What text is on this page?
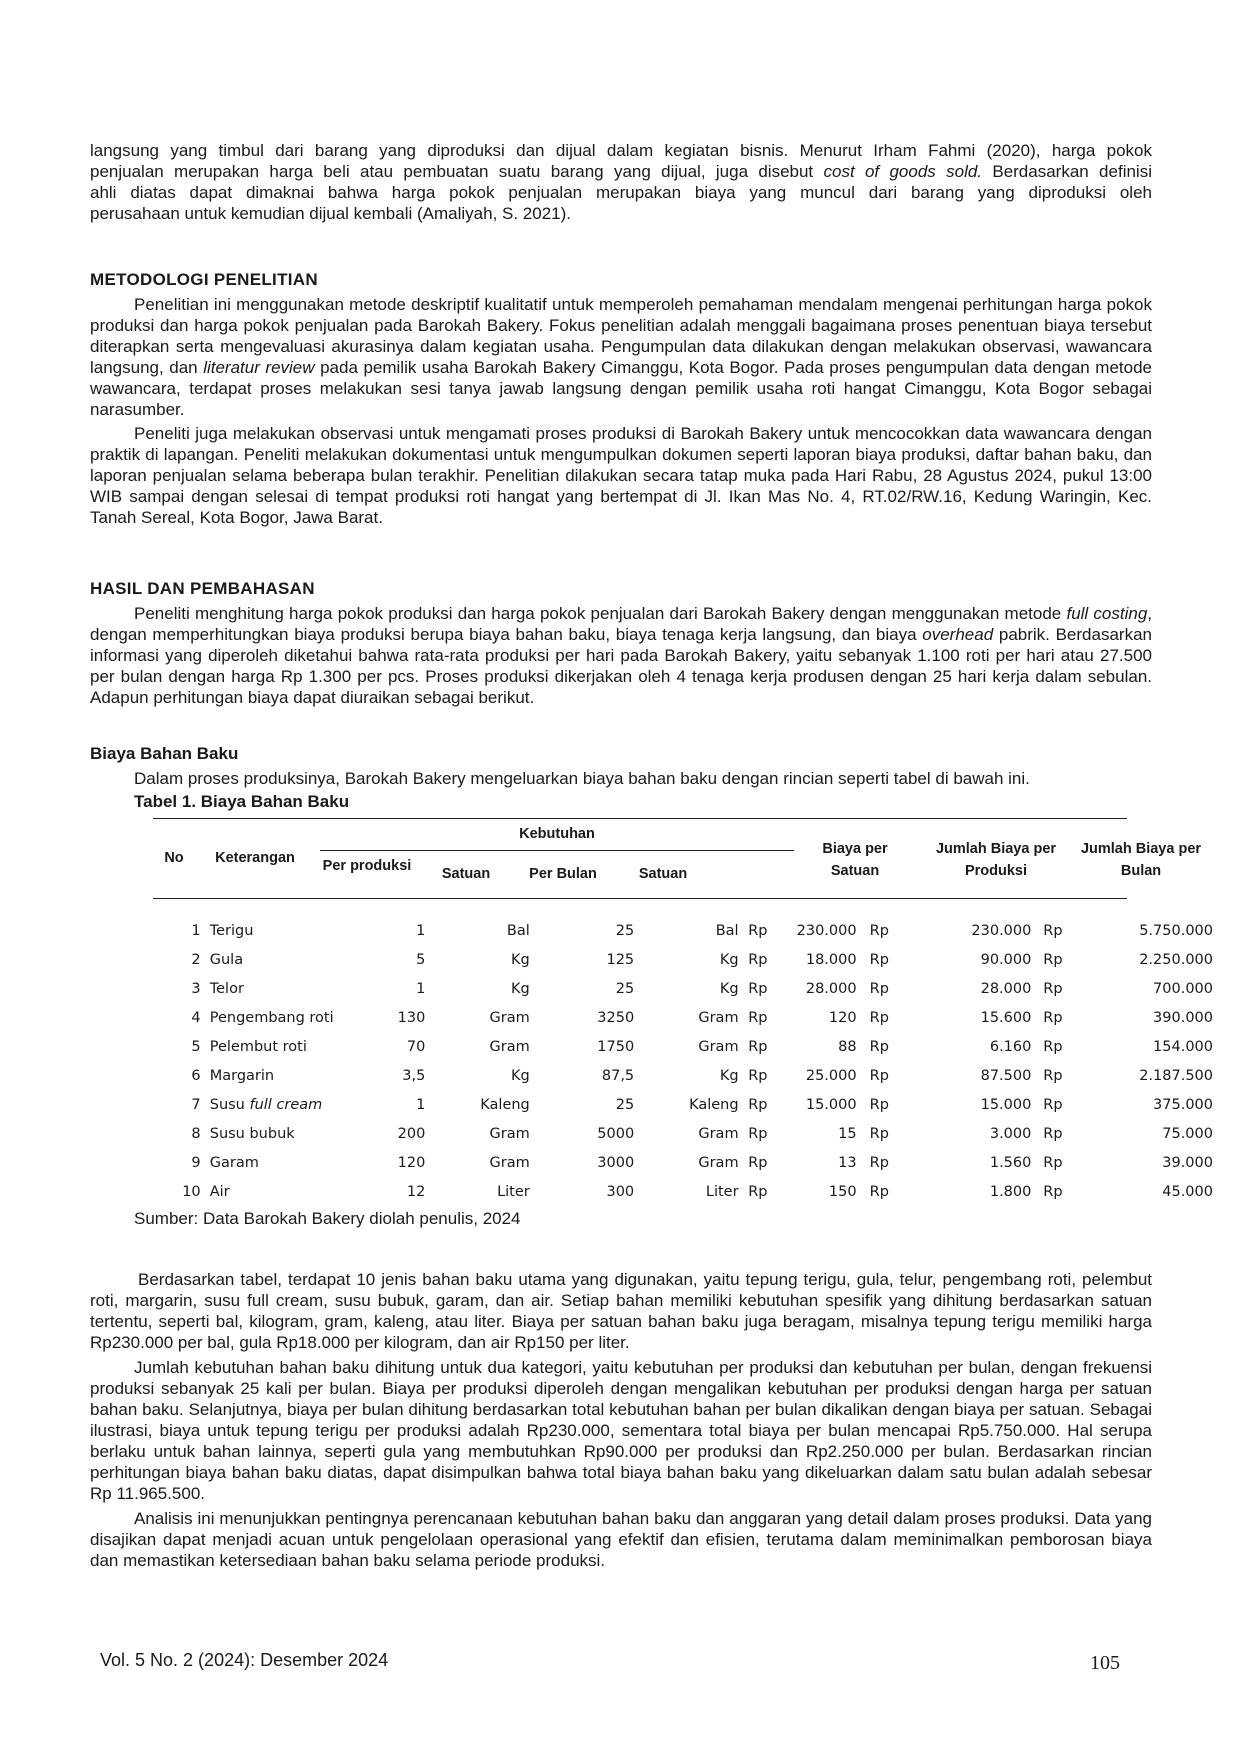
langsung yang timbul dari barang yang diproduksi dan dijual dalam kegiatan bisnis. Menurut Irham Fahmi (2020), harga pokok

penjualan merupakan harga beli atau pembuatan suatu barang yang dijual, juga disebut cost of goods sold. Berdasarkan definisi

ahli diatas dapat dimaknai bahwa harga pokok penjualan merupakan biaya yang muncul dari barang yang diproduksi oleh

perusahaan untuk kemudian dijual kembali (Amaliyah, S. 2021).

METODOLOGI PENELITIAN

Penelitian ini menggunakan metode deskriptif kualitatif untuk memperoleh pemahaman mendalam mengenai perhitungan harga pokok produksi dan harga pokok penjualan pada Barokah Bakery. Fokus penelitian adalah menggali bagaimana proses penentuan biaya tersebut diterapkan serta mengevaluasi akurasinya dalam kegiatan usaha. Pengumpulan data dilakukan dengan melakukan observasi, wawancara langsung, dan literatur review pada pemilik usaha Barokah Bakery Cimanggu, Kota Bogor. Pada proses pengumpulan data dengan metode wawancara, terdapat proses melakukan sesi tanya jawab langsung dengan pemilik usaha roti hangat Cimanggu, Kota Bogor sebagai narasumber.

Peneliti juga melakukan observasi untuk mengamati proses produksi di Barokah Bakery untuk mencocokkan data wawancara dengan praktik di lapangan. Peneliti melakukan dokumentasi untuk mengumpulkan dokumen seperti laporan biaya produksi, daftar bahan baku, dan laporan penjualan selama beberapa bulan terakhir. Penelitian dilakukan secara tatap muka pada Hari Rabu, 28 Agustus 2024, pukul 13:00 WIB sampai dengan selesai di tempat produksi roti hangat yang bertempat di Jl. Ikan Mas No. 4, RT.02/RW.16, Kedung Waringin, Kec. Tanah Sereal, Kota Bogor, Jawa Barat.

HASIL DAN PEMBAHASAN

Peneliti menghitung harga pokok produksi dan harga pokok penjualan dari Barokah Bakery dengan menggunakan metode full costing, dengan memperhitungkan biaya produksi berupa biaya bahan baku, biaya tenaga kerja langsung, dan biaya overhead pabrik. Berdasarkan informasi yang diperoleh diketahui bahwa rata-rata produksi per hari pada Barokah Bakery, yaitu sebanyak 1.100 roti per hari atau 27.500 per bulan dengan harga Rp 1.300 per pcs. Proses produksi dikerjakan oleh 4 tenaga kerja produsen dengan 25 hari kerja dalam sebulan. Adapun perhitungan biaya dapat diuraikan sebagai berikut.

Biaya Bahan Baku

Dalam proses produksinya, Barokah Bakery mengeluarkan biaya bahan baku dengan rincian seperti tabel di bawah ini.

Tabel 1. Biaya Bahan Baku
Kebutuhan
No	Keterangan	Per produksi	Satuan	Per Bulan	Satuan
Biaya per Satuan
Jumlah Biaya per Produksi
Jumlah Biaya per Bulan
1		Terigu	1	Bal	25	Bal	Rp	230.000	Rp	230.000	Rp	5.750.000
2		Gula	5	Kg	125	Kg	Rp	18.000	Rp	90.000	Rp	2.250.000
3		Telor	1	Kg	25	Kg	Rp	28.000	Rp	28.000	Rp	700.000
4		Pengembang roti	130	Gram	3250	Gram	Rp	120	Rp	15.600	Rp	390.000
5		Pelembut roti	70	Gram	1750	Gram	Rp	88	Rp	6.160	Rp	154.000
6		Margarin	3,5	Kg	87,5	Kg	Rp	25.000	Rp	87.500	Rp	2.187.500
7		Susu full cream	1	Kaleng	25	Kaleng	Rp	15.000	Rp	15.000	Rp	375.000
8		Susu bubuk	200	Gram	5000	Gram	Rp	15	Rp	3.000	Rp	75.000
9		Garam	120	Gram	3000	Gram	Rp	13	Rp	1.560	Rp	39.000
10		Air	12	Liter	300	Liter	Rp	150	Rp	1.800	Rp	45.000

Sumber: Data Barokah Bakery diolah penulis, 2024

Berdasarkan tabel, terdapat 10 jenis bahan baku utama yang digunakan, yaitu tepung terigu, gula, telur, pengembang roti, pelembut roti, margarin, susu full cream, susu bubuk, garam, dan air. Setiap bahan memiliki kebutuhan spesifik yang dihitung berdasarkan satuan tertentu, seperti bal, kilogram, gram, kaleng, atau liter. Biaya per satuan bahan baku juga beragam, misalnya tepung terigu memiliki harga Rp230.000 per bal, gula Rp18.000 per kilogram, dan air Rp150 per liter.

Jumlah kebutuhan bahan baku dihitung untuk dua kategori, yaitu kebutuhan per produksi dan kebutuhan per bulan, dengan frekuensi produksi sebanyak 25 kali per bulan. Biaya per produksi diperoleh dengan mengalikan kebutuhan per produksi dengan harga per satuan bahan baku. Selanjutnya, biaya per bulan dihitung berdasarkan total kebutuhan bahan per bulan dikalikan dengan biaya per satuan. Sebagai ilustrasi, biaya untuk tepung terigu per produksi adalah Rp230.000, sementara total biaya per bulan mencapai Rp5.750.000. Hal serupa berlaku untuk bahan lainnya, seperti gula yang membutuhkan Rp90.000 per produksi dan Rp2.250.000 per bulan. Berdasarkan rincian perhitungan biaya bahan baku diatas, dapat disimpulkan bahwa total biaya bahan baku yang dikeluarkan dalam satu bulan adalah sebesar Rp 11.965.500.

Analisis ini menunjukkan pentingnya perencanaan kebutuhan bahan baku dan anggaran yang detail dalam proses produksi. Data yang disajikan dapat menjadi acuan untuk pengelolaan operasional yang efektif dan efisien, terutama dalam meminimalkan pemborosan biaya dan memastikan ketersediaan bahan baku selama periode produksi.

Vol. 5 No. 2 (2024): Desember 2024	105
